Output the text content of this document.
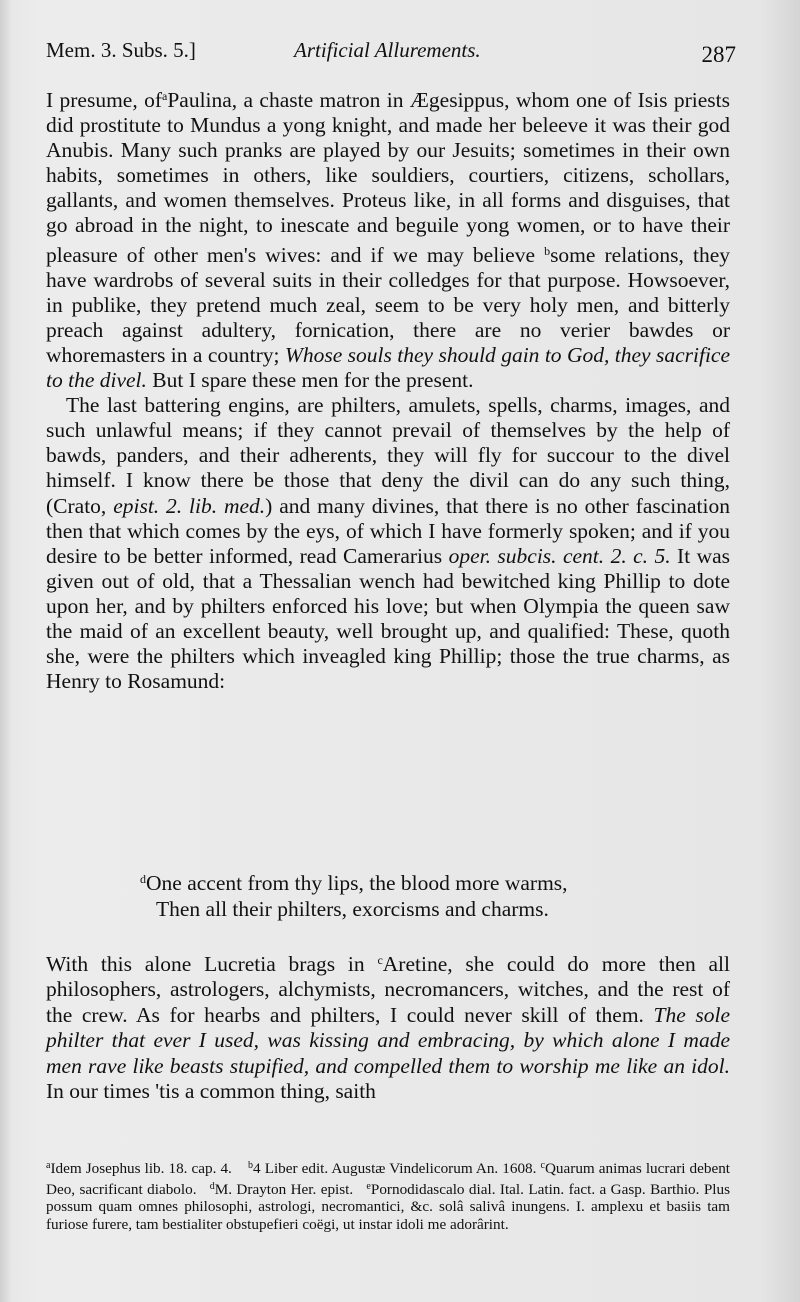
Mem. 3. Subs. 5.]	Artificial Allurements.	287

I presume, $of^aPaulina$, a chaste matron in Ægesippus, whom one of Isis priests did prostitute to Mundus a yong knight, and made her beleeve it was their god Anubis. Many such pranks are played by our Jesuits; sometimes in their own habits, sometimes in others, like souldiers, courtiers, citizens, schollars, gallants, and women themselves. Proteus like, in all forms and disguises, that go abroad in the night, to inescate and beguile yong women, or to have their pleasure of other men's wives: and if we may believe $^b$some relations, they have wardrobs of several suits in their colledges for that purpose. Howsoever, in publike, they pretend much zeal, seem to be very holy men, and bitterly preach against adultery, fornication, there are no verier bawdes or whoremasters in a country; Whose souls they should gain to God, they sacrifice to the divel. But I spare these men for the present.

The last battering engins, are philters, amulets, spells, charms, images, and such unlawful means; if they cannot prevail of themselves by the help of bawds, panders, and their adherents, they will fly for succour to the divel himself. I know there be those that deny the divil can do any such thing, (Crato, epist. 2. lib. med.) and many divines, that there is no other fascination then that which comes by the eys, of which I have formerly spoken; and if you desire to be better informed, read Camerarius oper. subcis. cent. 2. c. 5. It was given out of old, that a Thessalian wench had bewitched king Phillip to dote upon her, and by philters enforced his love; but when Olympia the queen saw the maid of an excellent beauty, well brought up, and qualified: These, quoth she, were the philters which inveagled king Phillip; those the true charms, as Henry to Rosamund:

$^d$One accent from thy lips, the blood more warms,
Then all their philters, exorcisms and charms.

With this alone Lucretia brags in $^c$Aretine, she could do more then all philosophers, astrologers, alchymists, necromancers, witches, and the rest of the crew. As for hearbs and philters, I could never skill of them. The sole philter that ever I used, was kissing and embracing, by which alone I made men rave like beasts stupified, and compelled them to worship me like an idol. In our times 'tis a common thing, saith

$^a$Idem Josephus lib. 18. cap. 4. $^b$4 Liber edit. Augustæ Vindelicorum An. 1608. $^c$Quarum animas lucrari debent Deo, sacrificant diabolo. $^d$M. Drayton Her. epist. $^e$Pornodidascalo dial. Ital. Latin. fact. a Gasp. Barthio. Plus possum quam omnes philosophi, astrologi, necromantici, &c. solâ salivâ inungens. I. amplexu et basiis tam furiose furere, tam bestialiter obstupefieri coëgi, ut instar idoli me adorârint.
